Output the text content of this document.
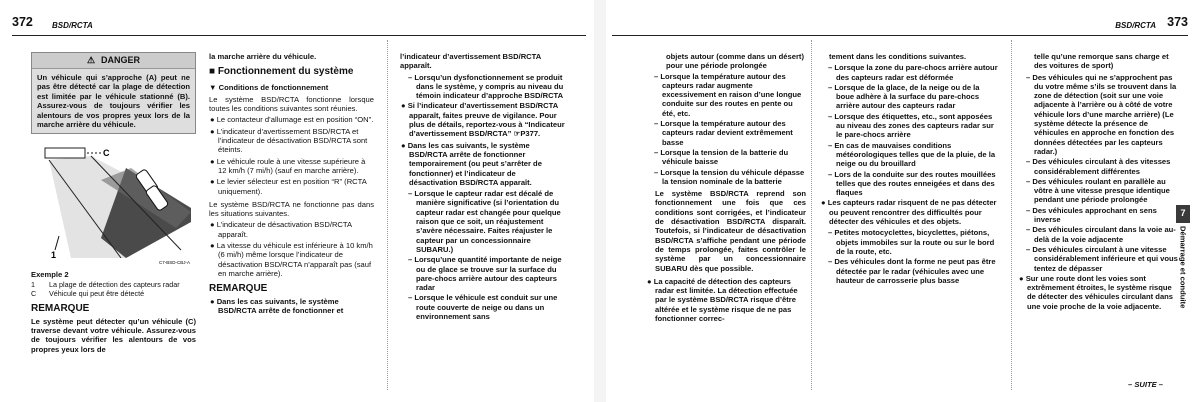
372 BSD/RCTA
⚠ DANGER
Un véhicule qui s’approche (A) peut ne pas être détecté car la plage de détection est limitée par le véhicule stationné (B). Assurez-vous de toujours vérifier les alentours de vos propres yeux lors de la marche arrière du véhicule.
C
1
C7-BSD-CBJ-A
Exemple 2
1	La plage de détection des capteurs radar
C	Véhicule qui peut être détecté
REMARQUE
Le système peut détecter qu’un véhicule (C) traverse devant votre véhicule. Assurez-vous de toujours vérifier les alentours de vos propres yeux lors de
la marche arrière du véhicule.
■ Fonctionnement du système
▼ Conditions de fonctionnement
Le système BSD/RCTA fonctionne lorsque toutes les conditions suivantes sont réunies.
● Le contacteur d’allumage est en position “ON”.
● L’indicateur d’avertissement BSD/RCTA et l’indicateur de désactivation BSD/RCTA sont éteints.
● Le véhicule roule à une vitesse supérieure à 12 km/h (7 mi/h) (sauf en marche arrière).
● Le levier sélecteur est en position “R” (RCTA uniquement).
Le système BSD/RCTA ne fonctionne pas dans les situations suivantes.
● L’indicateur de désactivation BSD/RCTA apparaît.
● La vitesse du véhicule est inférieure à 10 km/h (6 mi/h) même lorsque l’indicateur de désactivation BSD/RCTA n’apparaît pas (sauf en marche arrière).
REMARQUE
● Dans les cas suivants, le système BSD/RCTA arrête de fonctionner et
l’indicateur d’avertissement BSD/RCTA apparaît.
– Lorsqu’un dysfonctionnement se produit dans le système, y compris au niveau du témoin indicateur d’approche BSD/RCTA
● Si l’indicateur d’avertissement BSD/RCTA apparaît, faites preuve de vigilance. Pour plus de détails, reportez-vous à “Indicateur d’avertissement BSD/RCTA” ☞P377.
● Dans les cas suivants, le système BSD/RCTA arrête de fonctionner temporairement (ou peut s’arrêter de fonctionner) et l’indicateur de désactivation BSD/RCTA apparaît.
– Lorsque le capteur radar est décalé de manière significative (si l’orientation du capteur radar est changée pour quelque raison que ce soit, un réajustement s’avère nécessaire. Faites réajuster le capteur par un concessionnaire SUBARU.)
– Lorsqu’une quantité importante de neige ou de glace se trouve sur la surface du pare-chocs arrière autour des capteurs radar
– Lorsque le véhicule est conduit sur une route couverte de neige ou dans un environnement sans
BSD/RCTA 373
objets autour (comme dans un désert) pour une période prolongée
– Lorsque la température autour des capteurs radar augmente excessivement en raison d’une longue conduite sur des routes en pente ou été, etc.
– Lorsque la température autour des capteurs radar devient extrêmement basse
– Lorsque la tension de la batterie du véhicule baisse
– Lorsque la tension du véhicule dépasse la tension nominale de la batterie
Le système BSD/RCTA reprend son fonctionnement une fois que ces conditions sont corrigées, et l’indicateur de désactivation BSD/RCTA disparaît. Toutefois, si l’indicateur de désactivation BSD/RCTA s’affiche pendant une période de temps prolongée, faites contrôler le système par un concessionnaire SUBARU dès que possible.
● La capacité de détection des capteurs radar est limitée. La détection effectuée par le système BSD/RCTA risque d’être altérée et le système risque de ne pas fonctionner correc-
tement dans les conditions suivantes.
– Lorsque la zone du pare-chocs arrière autour des capteurs radar est déformée
– Lorsque de la glace, de la neige ou de la boue adhère à la surface du pare-chocs arrière autour des capteurs radar
– Lorsque des étiquettes, etc., sont apposées au niveau des zones des capteurs radar sur le pare-chocs arrière
– En cas de mauvaises conditions météorologiques telles que de la pluie, de la neige ou du brouillard
– Lors de la conduite sur des routes mouillées telles que des routes enneigées et dans des flaques
● Les capteurs radar risquent de ne pas détecter ou peuvent rencontrer des difficultés pour détecter des véhicules et des objets.
– Petites motocyclettes, bicyclettes, piétons, objets immobiles sur la route ou sur le bord de la route, etc.
– Des véhicules dont la forme ne peut pas être détectée par le radar (véhicules avec une hauteur de carrosserie plus basse
telle qu’une remorque sans charge et des voitures de sport)
– Des véhicules qui ne s’approchent pas du votre même s’ils se trouvent dans la zone de détection (soit sur une voie adjacente à l’arrière ou à côté de votre véhicule lors d’une marche arrière) (Le système détecte la présence de véhicules en approche en fonction des données détectées par les capteurs radar.)
– Des véhicules circulant à des vitesses considérablement différentes
– Des véhicules roulant en parallèle au vôtre à une vitesse presque identique pendant une période prolongée
– Des véhicules approchant en sens inverse
– Des véhicules circulant dans la voie au-delà de la voie adjacente
– Des véhicules circulant à une vitesse considérablement inférieure et qui vous tentez de dépasser
● Sur une route dont les voies sont extrêmement étroites, le système risque de détecter des véhicules circulant dans une voie proche de la voie adjacente.
7
Démarrage et conduite
– SUITE –
